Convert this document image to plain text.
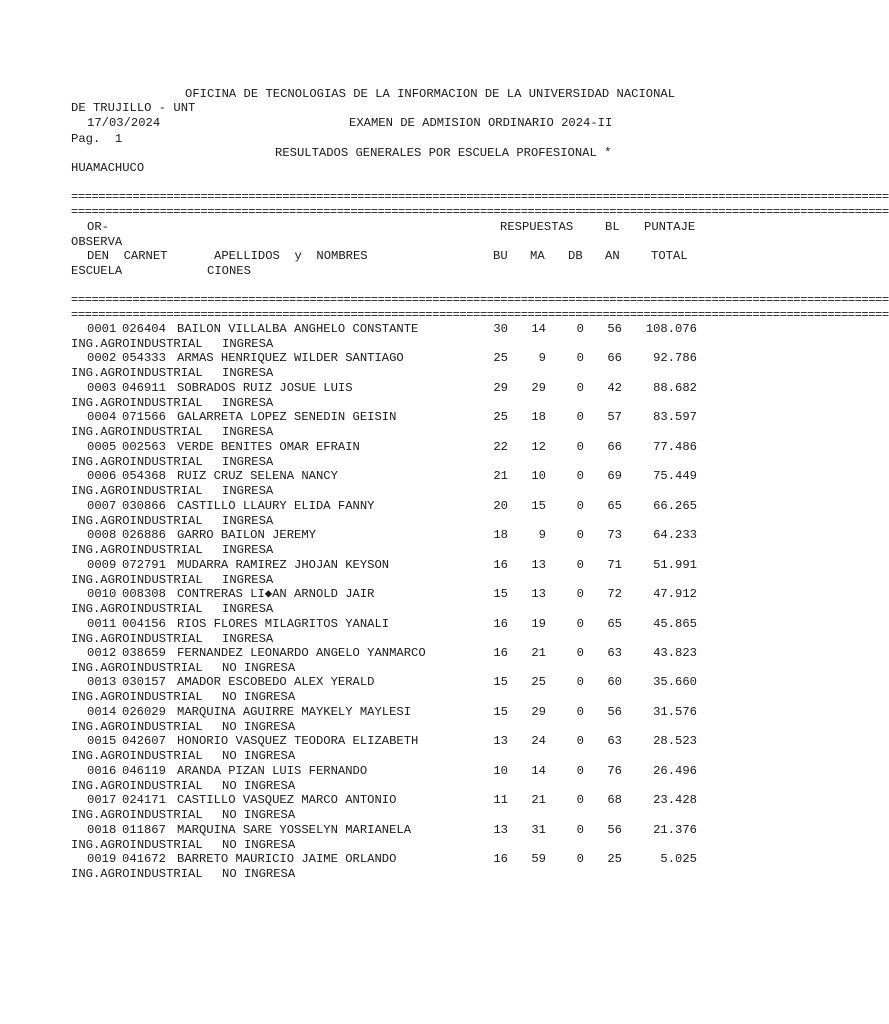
OFICINA DE TECNOLOGIAS DE LA INFORMACION DE LA UNIVERSIDAD NACIONAL
DE TRUJILLO - UNT
17/03/2024	EXAMEN DE ADMISION ORDINARIO 2024-II
Pag.  1
RESULTADOS GENERALES POR ESCUELA PROFESIONAL *
HUAMACHUCO
========================================================================================================================
========================================================================================================================
OR-	RESPUESTAS	BL PUNTAJE
OBSERVA
DEN  CARNET	APELLIDOS  y  NOMBRES	BU MA DB AN	TOTAL
ESCUELA	CIONES
========================================================================================================================
========================================================================================================================
0001 026404 BAILON VILLALBA ANGHELO CONSTANTE	30	14	0	56	108.076
ING.AGROINDUSTRIAL INGRESA
0002 054333 ARMAS HENRIQUEZ WILDER SANTIAGO	25	9	0	66	92.786
ING.AGROINDUSTRIAL INGRESA
0003 046911 SOBRADOS RUIZ JOSUE LUIS	29	29	0	42	88.682
ING.AGROINDUSTRIAL INGRESA
0004 071566 GALARRETA LOPEZ SENEDIN GEISIN	25	18	0	57	83.597
ING.AGROINDUSTRIAL INGRESA
0005 002563 VERDE BENITES OMAR EFRAIN	22	12	0	66	77.486
ING.AGROINDUSTRIAL INGRESA
0006 054368 RUIZ CRUZ SELENA NANCY	21	10	0	69	75.449
ING.AGROINDUSTRIAL INGRESA
0007 030866 CASTILLO LLAURY ELIDA FANNY	20	15	0	65	66.265
ING.AGROINDUSTRIAL INGRESA
0008 026886 GARRO BAILON JEREMY	18	9	0	73	64.233
ING.AGROINDUSTRIAL INGRESA
0009 072791 MUDARRA RAMIREZ JHOJAN KEYSON	16	13	0	71	51.991
ING.AGROINDUSTRIAL INGRESA
0010 008308 CONTRERAS LI◆AN ARNOLD JAIR	15	13	0	72	47.912
ING.AGROINDUSTRIAL INGRESA
0011 004156 RIOS FLORES MILAGRITOS YANALI	16	19	0	65	45.865
ING.AGROINDUSTRIAL INGRESA
0012 038659 FERNANDEZ LEONARDO ANGELO YANMARCO	16	21	0	63	43.823
ING.AGROINDUSTRIAL NO INGRESA
0013 030157 AMADOR ESCOBEDO ALEX YERALD	15	25	0	60	35.660
ING.AGROINDUSTRIAL NO INGRESA
0014 026029 MARQUINA AGUIRRE MAYKELY MAYLESI	15	29	0	56	31.576
ING.AGROINDUSTRIAL NO INGRESA
0015 042607 HONORIO VASQUEZ TEODORA ELIZABETH	13	24	0	63	28.523
ING.AGROINDUSTRIAL NO INGRESA
0016 046119 ARANDA PIZAN LUIS FERNANDO	10	14	0	76	26.496
ING.AGROINDUSTRIAL NO INGRESA
0017 024171 CASTILLO VASQUEZ MARCO ANTONIO	11	21	0	68	23.428
ING.AGROINDUSTRIAL NO INGRESA
0018 011867 MARQUINA SARE YOSSELYN MARIANELA	13	31	0	56	21.376
ING.AGROINDUSTRIAL NO INGRESA
0019 041672 BARRETO MAURICIO JAIME ORLANDO	16	59	0	25	5.025
ING.AGROINDUSTRIAL NO INGRESA
